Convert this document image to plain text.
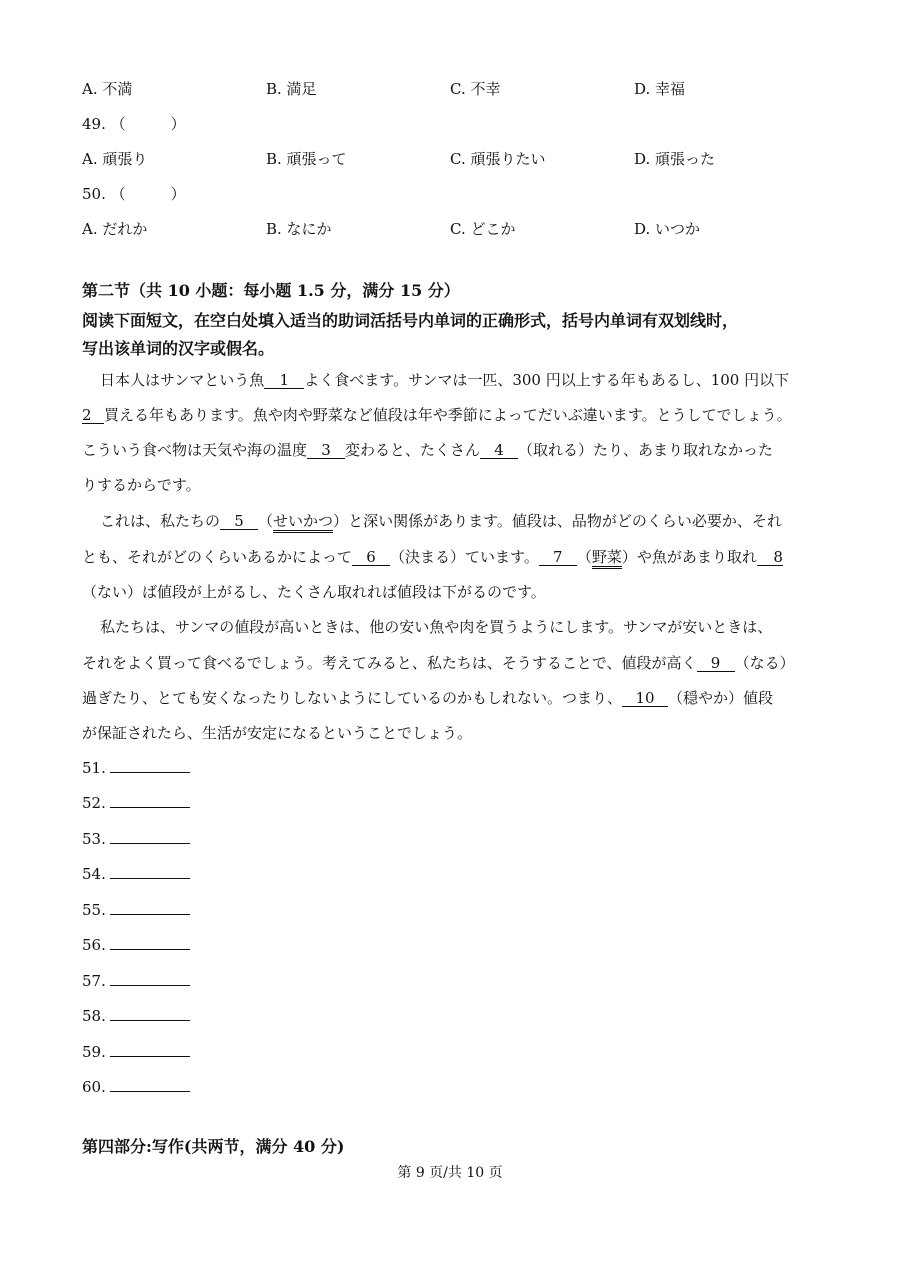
A. 不満	B. 満足	C. 不幸	D. 幸福
49. （　　　）
A. 頑張り	B. 頑張って	C. 頑張りたい	D. 頑張った
50. （　　　）
A. だれか	B. なにか	C. どこか	D. いつか
第二节（共 10 小题：每小题 1.5 分，满分 15 分）
阅读下面短文，在空白处填入适当的助词活括号内单词的正确形式，括号内单词有双划线时，
写出该单词的汉字或假名。
日本人はサンマという魚 1 よく食べます。サンマは一匹、300 円以上する年もあるし、100 円以下
2 買える年もあります。魚や肉や野菜など値段は年や季節によってだいぶ違います。とうしてでしょう。
こういう食べ物は天気や海の温度 3 変わると、たくさん 4 （取れる）たり、あまり取れなかった
りするからです。
これは、私たちの 5 （せいかつ）と深い関係があります。値段は、品物がどのくらい必要か、それ
とも、それがどのくらいあるかによって 6 （決まる）ています。 7 （野菜）や魚があまり取れ 8
（ない）ば値段が上がるし、たくさん取れれば値段は下がるのです。
私たちは、サンマの値段が高いときは、他の安い魚や肉を買うようにします。サンマが安いときは、
それをよく買って食べるでしょう。考えてみると、私たちは、そうすることで、値段が高く 9 （なる）
過ぎたり、とても安くなったりしないようにしているのかもしれない。つまり、 10 （穏やか）値段
が保証されたら、生活が安定になるということでしょう。
51.
52.
53.
54.
55.
56.
57.
58.
59.
60.
第四部分:写作(共两节，满分 40 分)
第 9 页/共 10 页
